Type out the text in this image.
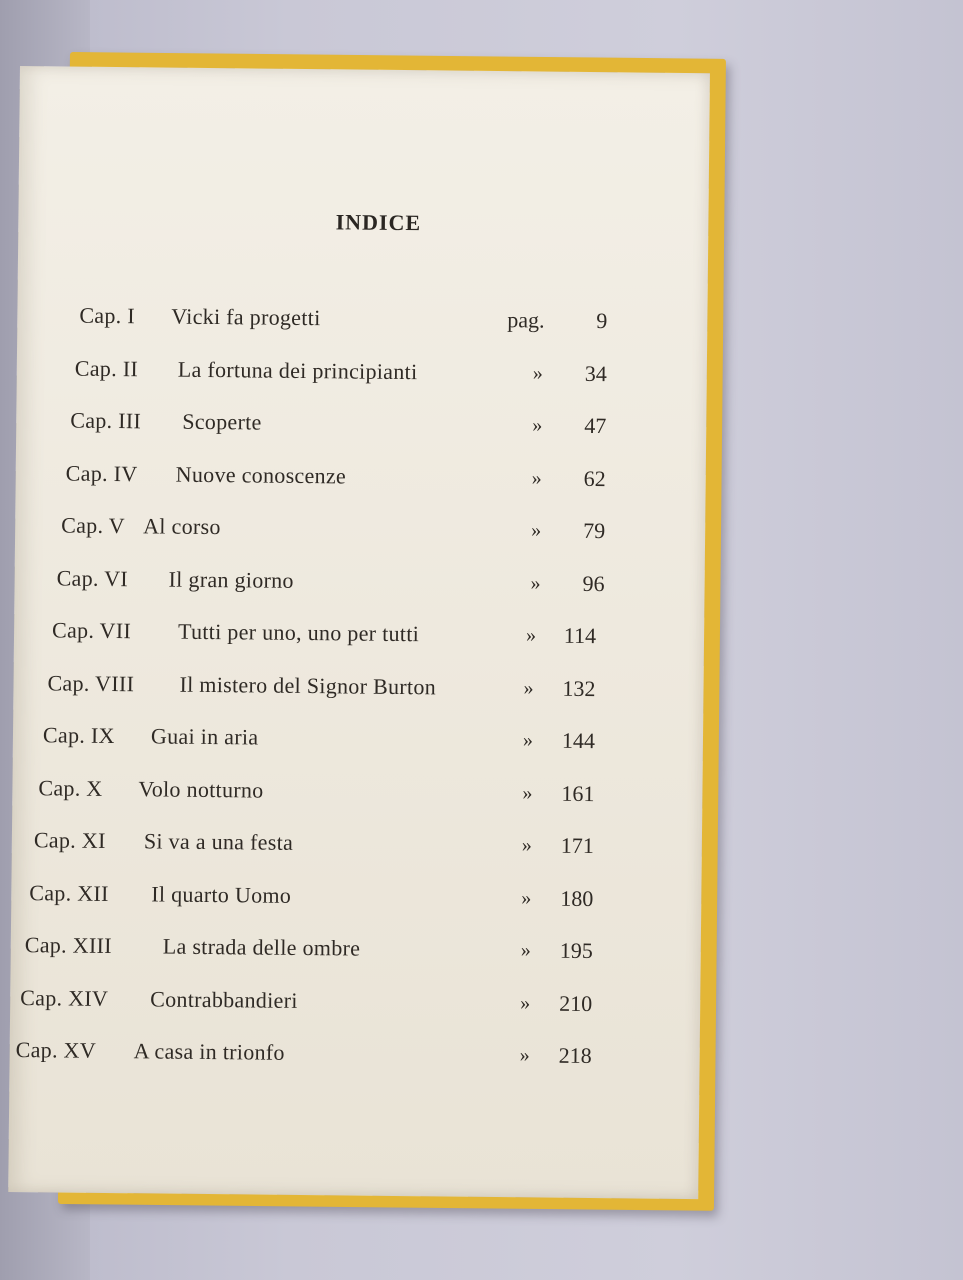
INDICE
Cap. I Vicki fa progetti	pag.	9
Cap. II La fortuna dei principianti	»	34
Cap. III Scoperte	»	47
Cap. IV Nuove conoscenze	»	62
Cap. V Al corso	»	79
Cap. VI Il gran giorno	»	96
Cap. VII Tutti per uno, uno per tutti	»	114
Cap. VIII Il mistero del Signor Burton	»	132
Cap. IX Guai in aria	»	144
Cap. X Volo notturno	»	161
Cap. XI Si va a una festa	»	171
Cap. XII Il quarto Uomo	»	180
Cap. XIII La strada delle ombre	»	195
Cap. XIV Contrabbandieri	»	210
Cap. XV A casa in trionfo	»	218
